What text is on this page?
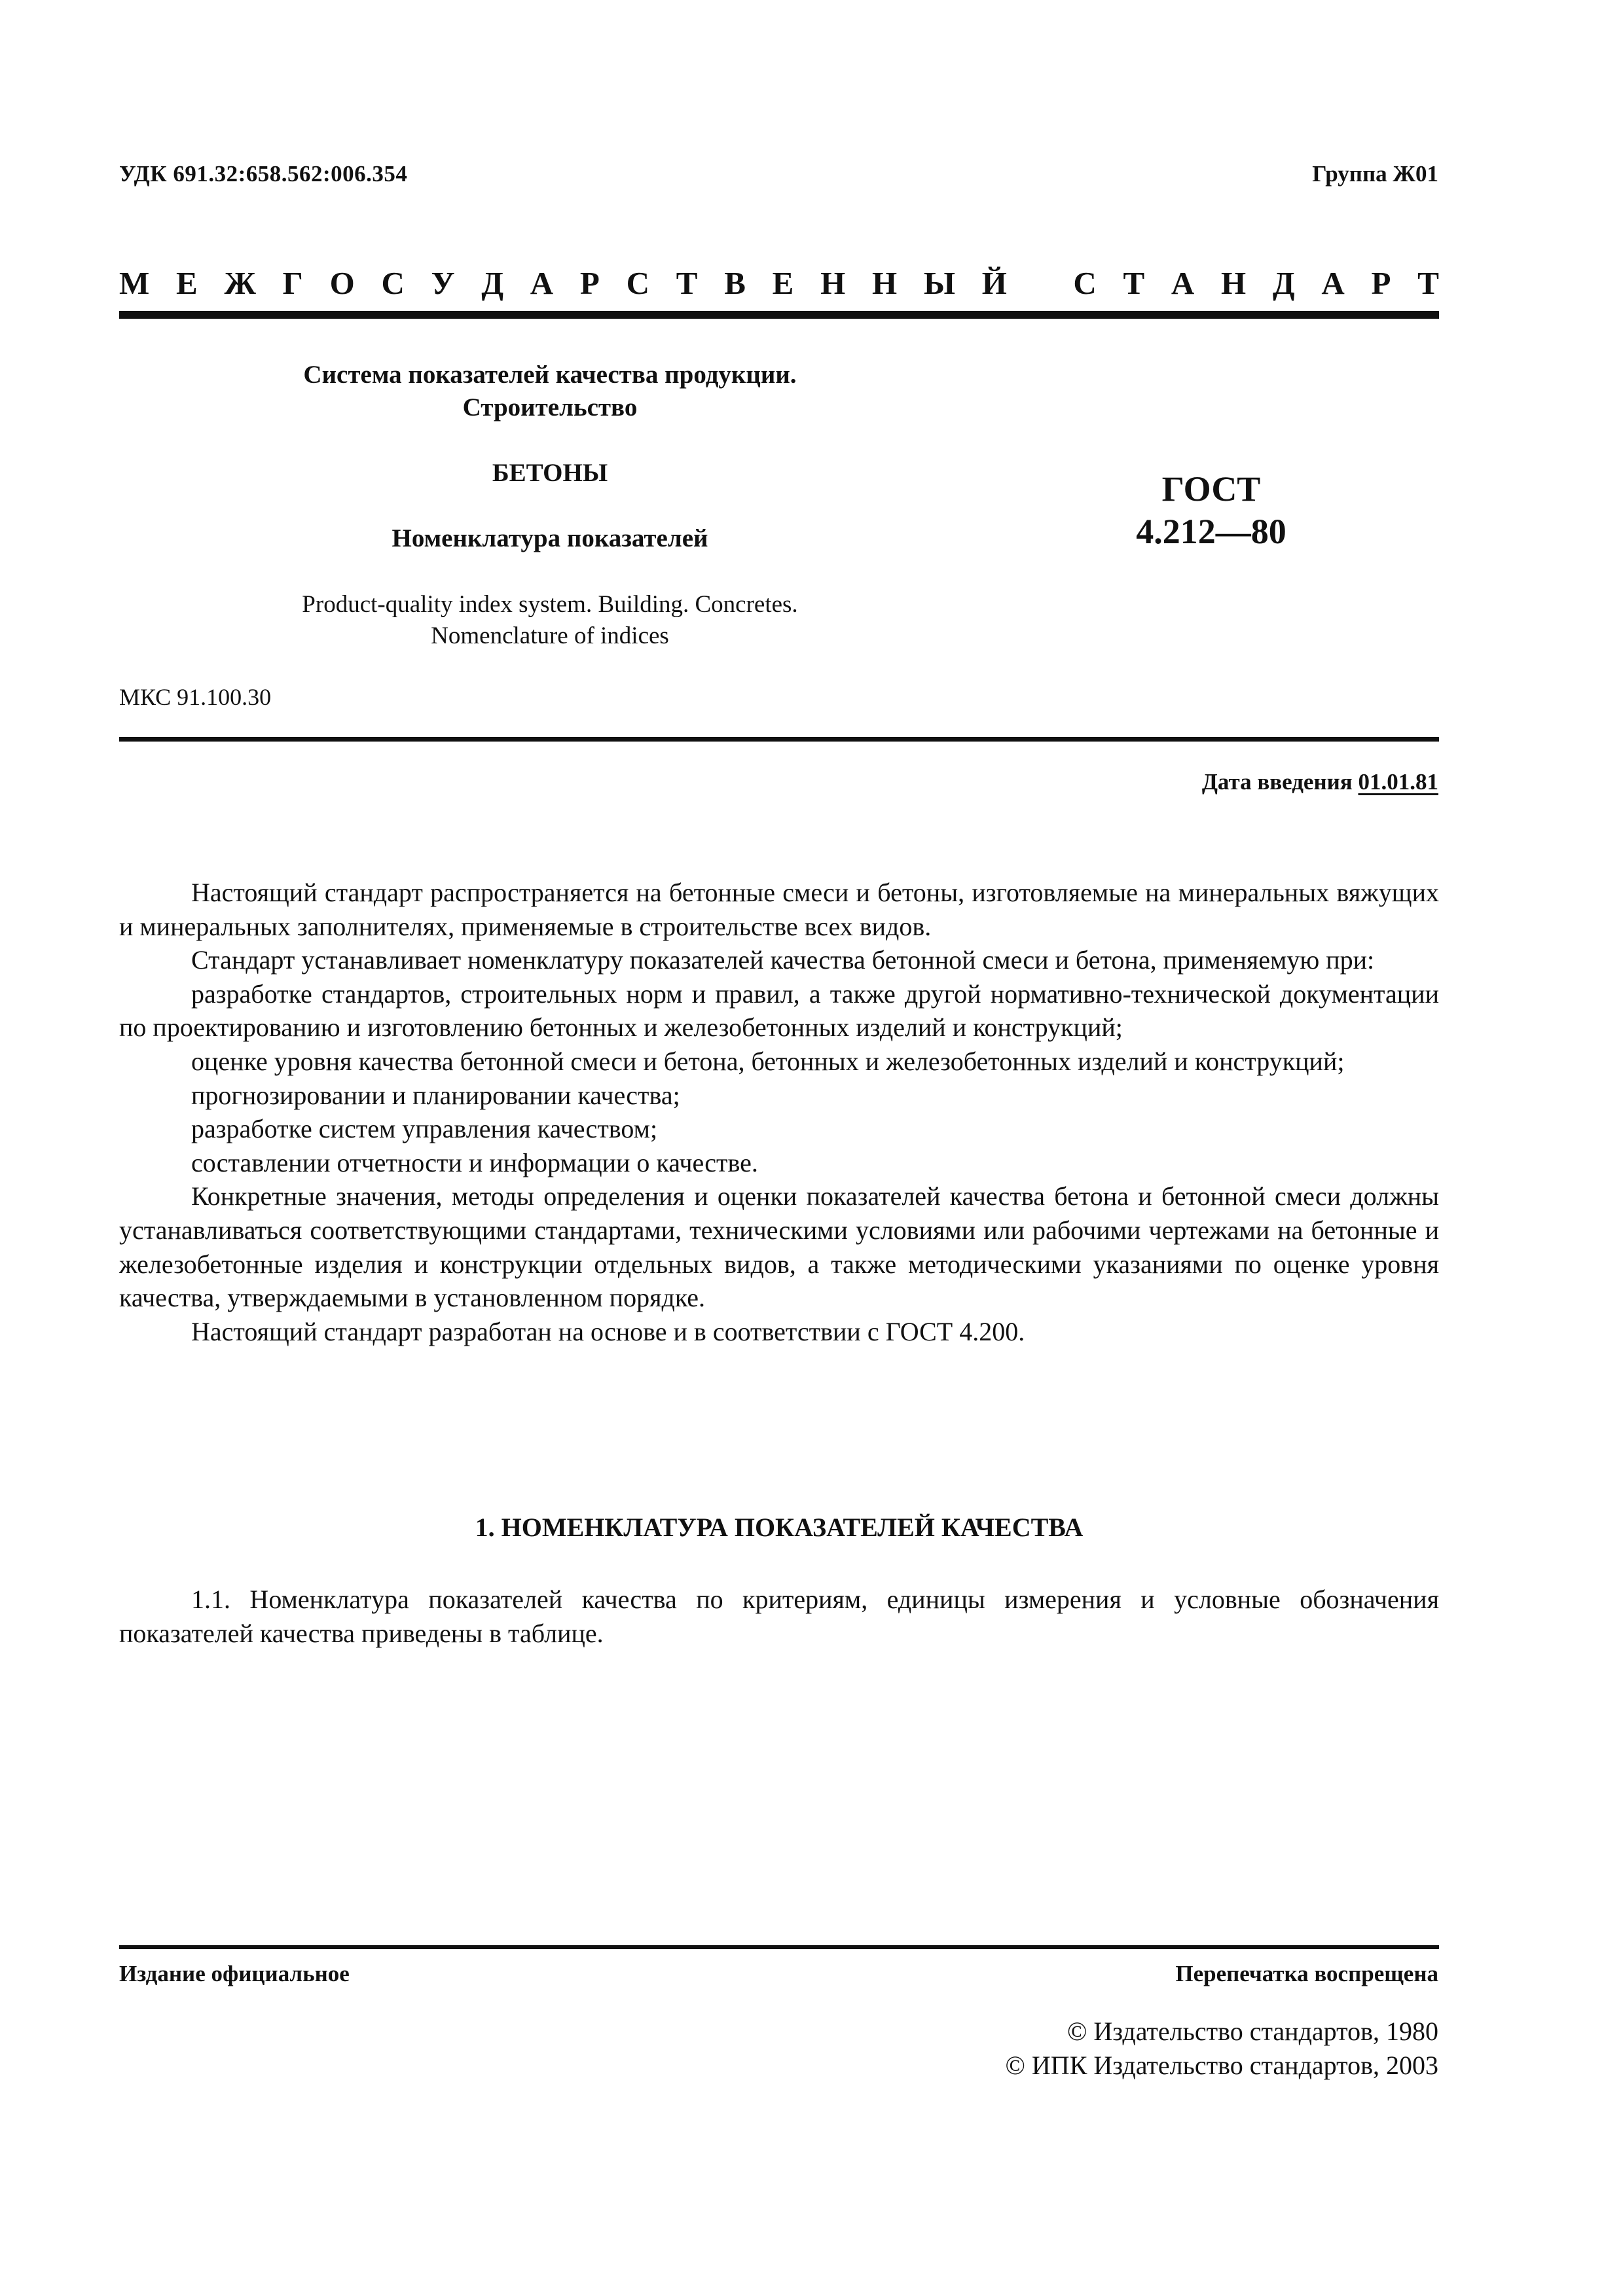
УДК 691.32:658.562:006.354	Группа Ж01
М Е Ж Г О С У Д А Р С Т В Е Н Н Ы Й С Т А Н Д А Р Т
Система показателей качества продукции.
Строительство
БЕТОНЫ
Номенклатура показателей
Product-quality index system. Building. Concretes.
Nomenclature of indices
ГОСТ
4.212—80
МКС 91.100.30
Дата введения 01.01.81

Настоящий стандарт распространяется на бетонные смеси и бетоны, изготовляемые на минеральных вяжущих и минеральных заполнителях, применяемые в строительстве всех видов.

Стандарт устанавливает номенклатуру показателей качества бетонной смеси и бетона, применяемую при:

разработке стандартов, строительных норм и правил, а также другой нормативно-технической документации по проектированию и изготовлению бетонных и железобетонных изделий и конструкций;

оценке уровня качества бетонной смеси и бетона, бетонных и железобетонных изделий и конструкций;

прогнозировании и планировании качества;

разработке систем управления качеством;

составлении отчетности и информации о качестве.

Конкретные значения, методы определения и оценки показателей качества бетона и бетонной смеси должны устанавливаться соответствующими стандартами, техническими условиями или рабочими чертежами на бетонные и железобетонные изделия и конструкции отдельных видов, а также методическими указаниями по оценке уровня качества, утверждаемыми в установленном порядке.

Настоящий стандарт разработан на основе и в соответствии с ГОСТ 4.200.

1. НОМЕНКЛАТУРА ПОКАЗАТЕЛЕЙ КАЧЕСТВА

1.1. Номенклатура показателей качества по критериям, единицы измерения и условные обозначения показателей качества приведены в таблице.

Издание официальное	Перепечатка воспрещена
© Издательство стандартов, 1980
© ИПК Издательство стандартов, 2003
